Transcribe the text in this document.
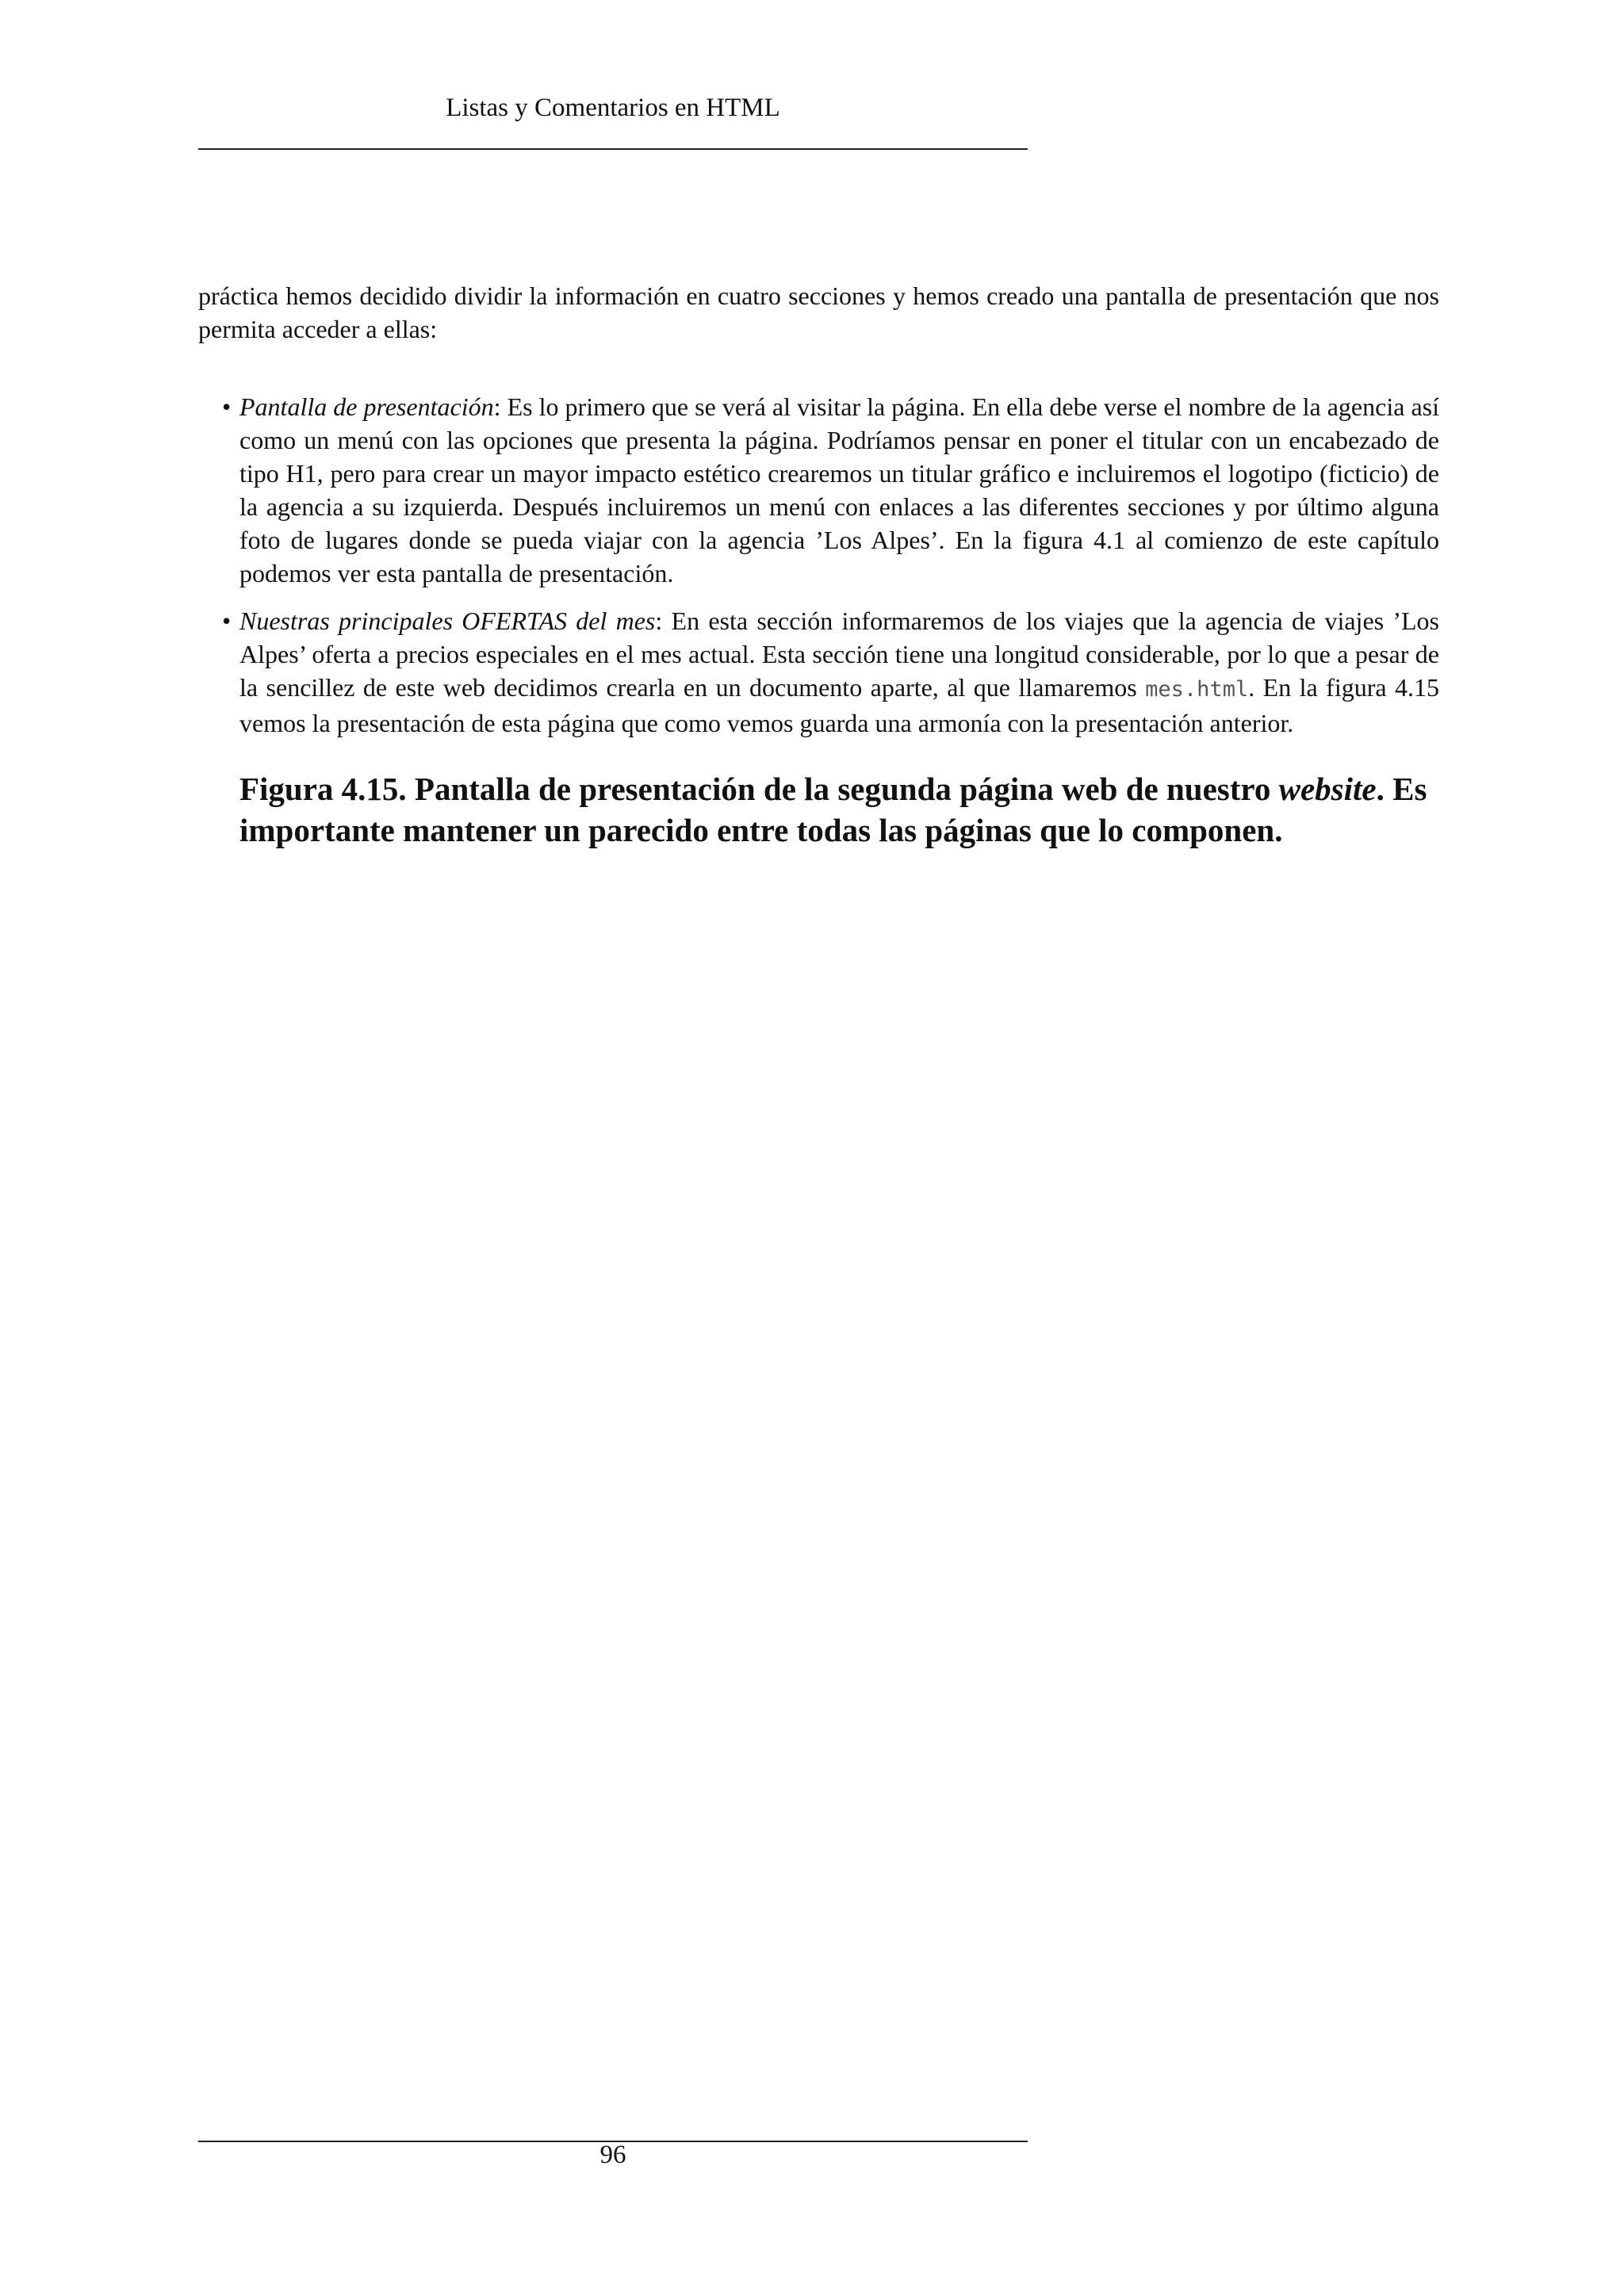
Listas y Comentarios en HTML

práctica hemos decidido dividir la información en cuatro secciones y hemos creado una pantalla de presentación que nos permita acceder a ellas:

• Pantalla de presentación: Es lo primero que se verá al visitar la página. En ella debe verse el nombre de la agencia así como un menú con las opciones que presenta la página. Podríamos pensar en poner el titular con un encabezado de tipo H1, pero para crear un mayor impacto estético crearemos un titular gráfico e incluiremos el logotipo (ficticio) de la agencia a su izquierda. Después incluiremos un menú con enlaces a las diferentes secciones y por último alguna foto de lugares donde se pueda viajar con la agencia ’Los Alpes’. En la figura 4.1 al comienzo de este capítulo podemos ver esta pantalla de presentación.
• Nuestras principales OFERTAS del mes: En esta sección informaremos de los viajes que la agencia de viajes ’Los Alpes’ oferta a precios especiales en el mes actual. Esta sección tiene una longitud considerable, por lo que a pesar de la sencillez de este web decidimos crearla en un documento aparte, al que llamaremos mes.html. En la figura 4.15 vemos la presentación de esta página que como vemos guarda una armonía con la presentación anterior.

Figura 4.15. Pantalla de presentación de la segunda página web de nuestro website. Es importante mantener un parecido entre todas las páginas que lo componen.

96
